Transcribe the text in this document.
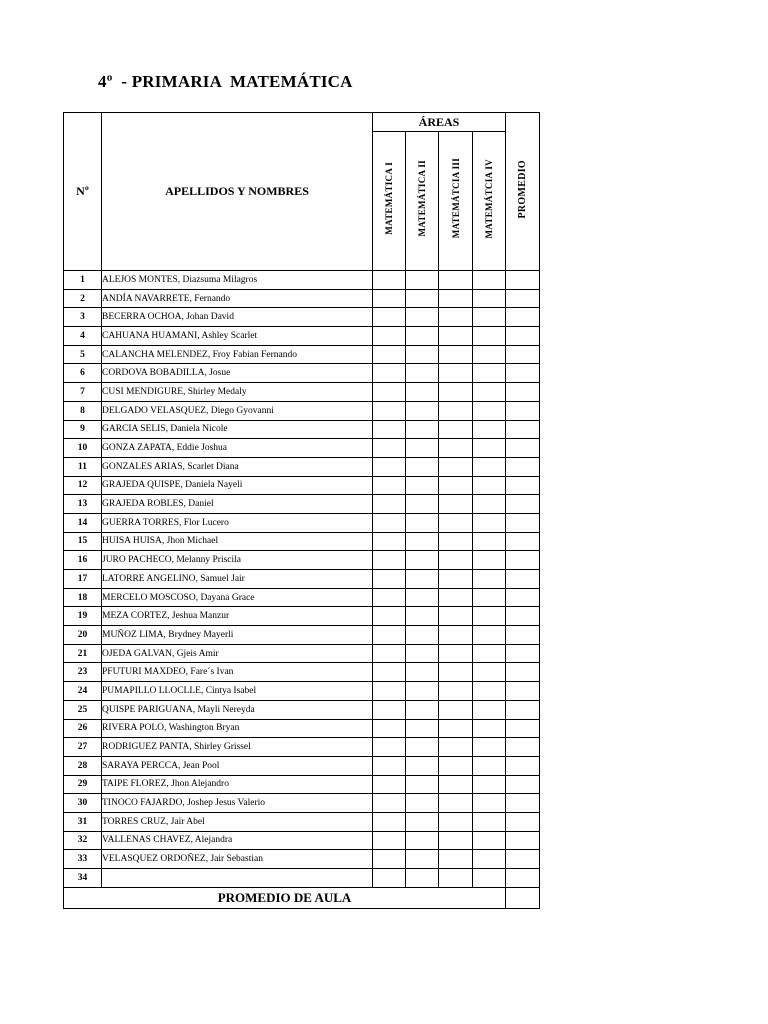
4º  - PRIMARIA  MATEMÁTICA
Nº	APELLIDOS Y NOMBRES	ÁREAS				PROMEDIO
		MATEMÁTICA I	MATEMÁTICA II	MATEMÁTCIA III	MATEMÁTCIA IV	
1	ALEJOS MONTES, Diazsuma Milagros					
2	ANDÍA NAVARRETE, Fernando					
3	BECERRA OCHOA, Johan David					
4	CAHUANA HUAMANI, Ashley Scarlet					
5	CALANCHA MELENDEZ, Froy Fabian Fernando					
6	CORDOVA BOBADILLA, Josue					
7	CUSI MENDIGURE, Shirley Medaly					
8	DELGADO VELASQUEZ, Diego Gyovanni					
9	GARCIA SELIS, Daniela Nicole					
10	GONZA ZAPATA, Eddie Joshua					
11	GONZALES ARIAS, Scarlet Diana					
12	GRAJEDA QUISPE, Daniela Nayeli					
13	GRAJEDA ROBLES, Daniel					
14	GUERRA TORRES, Flor Lucero					
15	HUISA HUISA, Jhon Michael					
16	JURO PACHECO, Melanny Priscila					
17	LATORRE ANGELINO, Samuel Jair					
18	MERCELO MOSCOSO, Dayana Grace					
19	MEZA CORTEZ, Jeshua Manzur					
20	MUÑOZ LIMA, Brydney Mayerli					
21	OJEDA GALVAN, Gjeis Amir					
23	PFUTURI MAXDEO, Fare´s Ivan					
24	PUMAPILLO LLOCLLE, Cintya Isabel					
25	QUISPE PARIGUANA, Mayli Nereyda					
26	RIVERA POLO, Washington Bryan					
27	RODRIGUEZ PANTA, Shirley Grissel					
28	SARAYA PERCCA, Jean Pool					
29	TAIPE FLOREZ, Jhon Alejandro					
30	TINOCO FAJARDO, Joshep Jesus Valerio					
31	TORRES CRUZ, Jair Abel					
32	VALLENAS CHAVEZ, Alejandra					
33	VELASQUEZ ORDOÑEZ, Jair Sebastian					
34						
PROMEDIO DE AULA						
